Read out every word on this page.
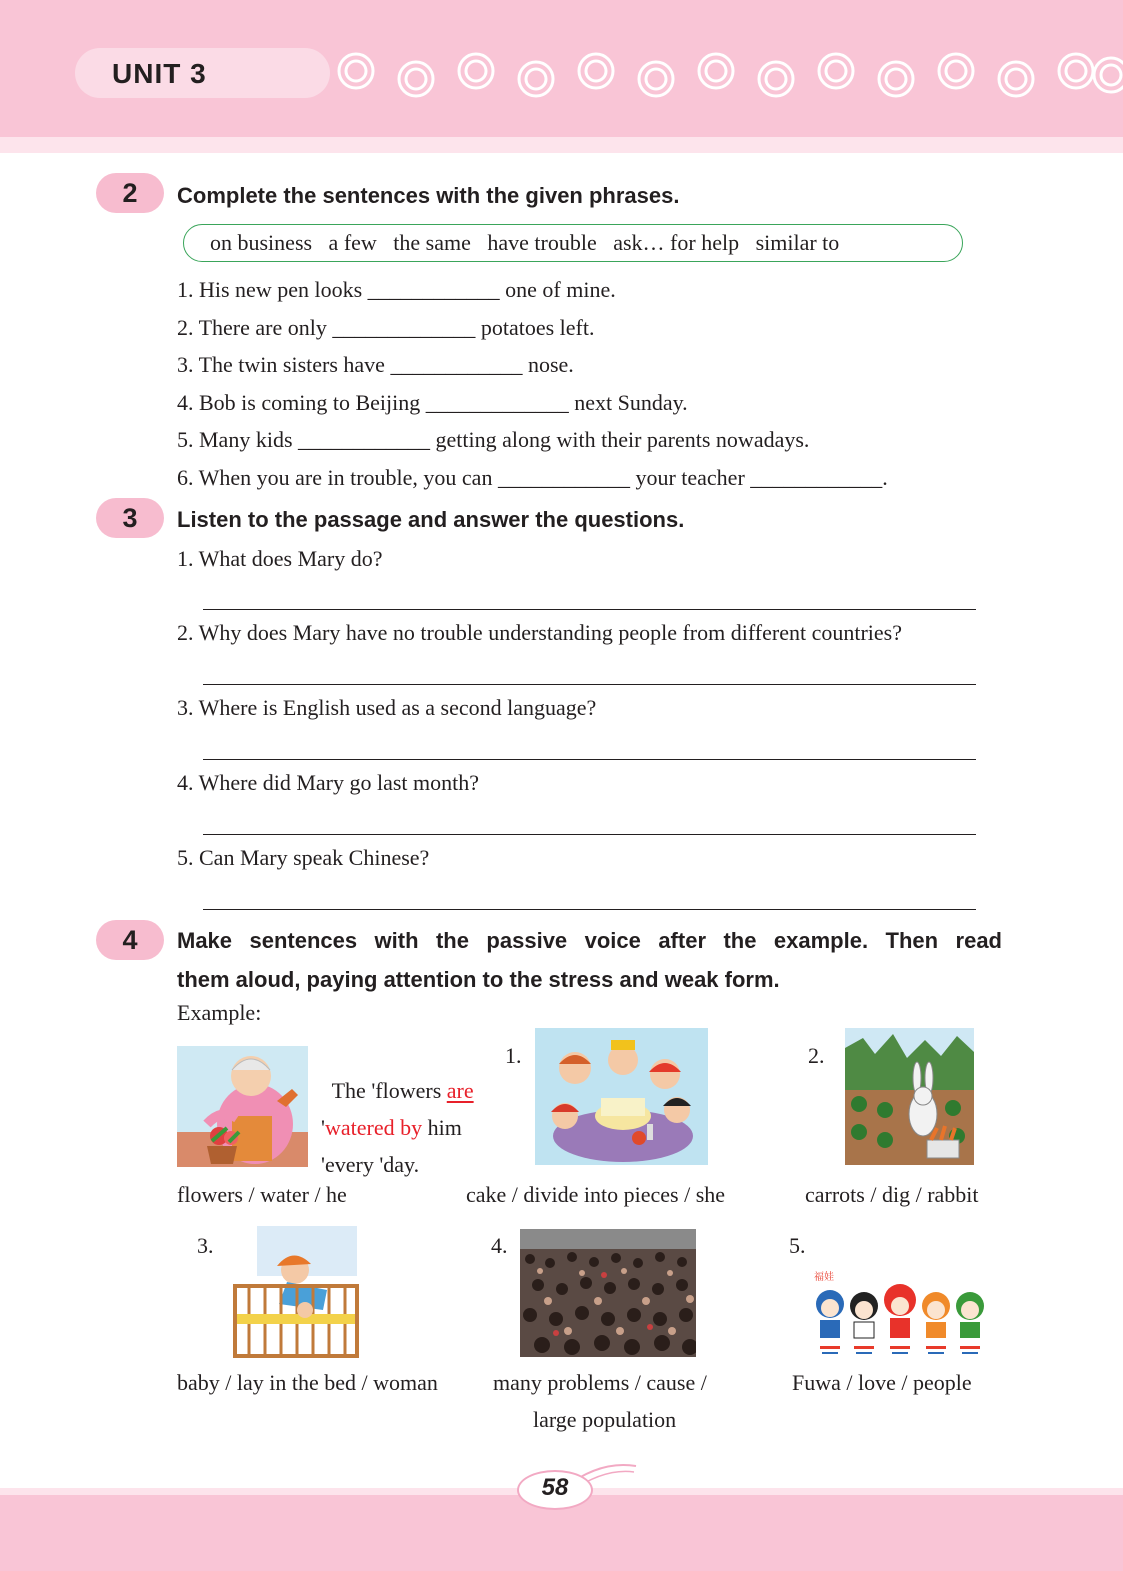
UNIT 3
2	Complete the sentences with the given phrases.
on business   a few   the same   have trouble   ask… for help   similar to
1. His new pen looks ____________ one of mine.
2. There are only _____________ potatoes left.
3. The twin sisters have ____________ nose.
4. Bob is coming to Beijing _____________ next Sunday.
5. Many kids ____________ getting along with their parents nowadays.
6. When you are in trouble, you can ____________ your teacher ____________.
3	Listen to the passage and answer the questions.
1. What does Mary do?
2. Why does Mary have no trouble understanding people from different countries?
3. Where is English used as a second language?
4. Where did Mary go last month?
5. Can Mary speak Chinese?
4	Make sentences with the passive voice after the example. Then read
them aloud, paying attention to the stress and weak form.
Example:

The 'flowers are
'watered by him
'every 'day.

flowers / water / he
1.
cake / divide into pieces / she
2.
carrots / dig / rabbit
3.
baby / lay in the bed / woman
4.
many problems / cause /
large population
5.
福娃
Fuwa / love / people
58
